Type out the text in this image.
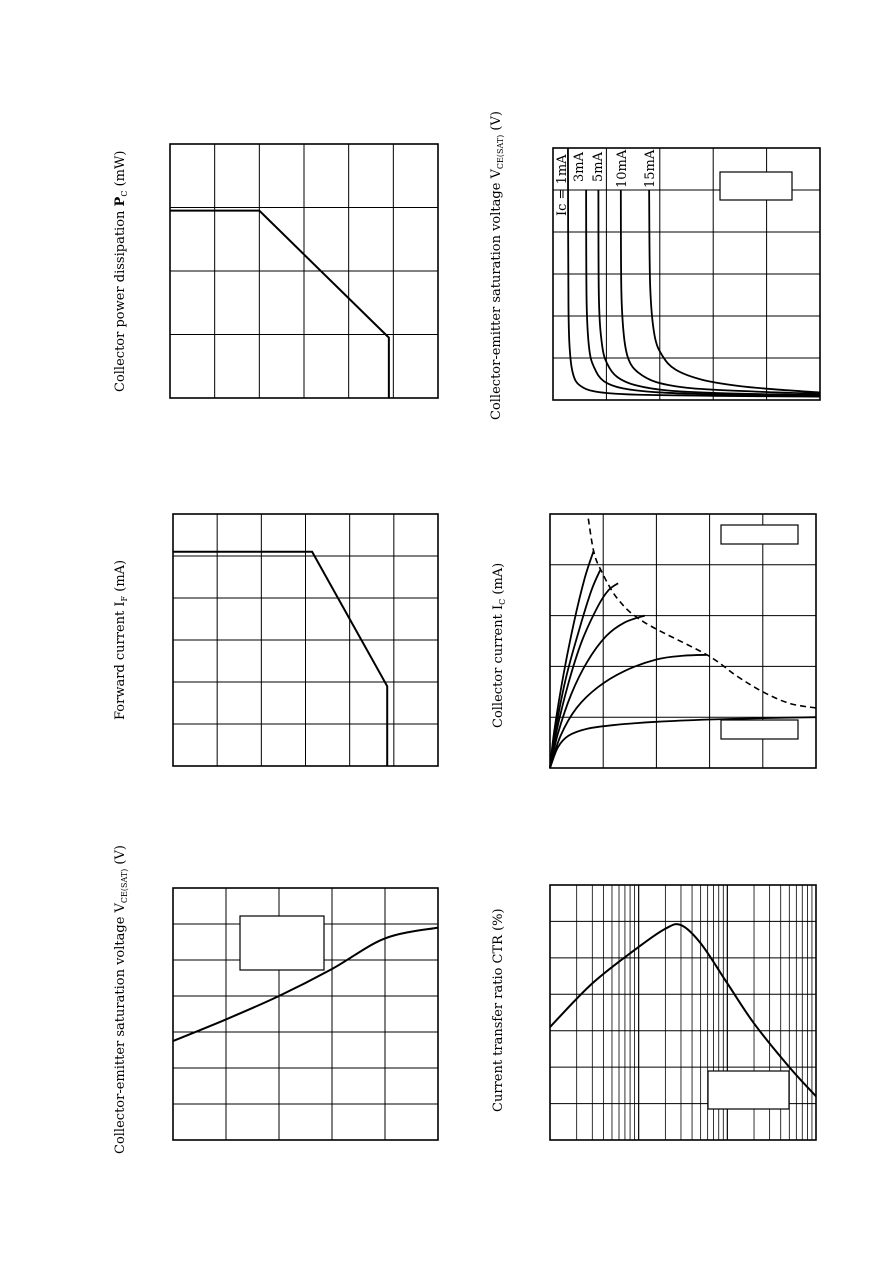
Collector power dissipation $P_C$ (mW)
Forward current $I_F$ (mA)
Collector-emitter saturation voltage $V_{CE(SAT)}$ (V)
Ic = 1mA 3mA 5mA 10mA 15mA
Collector-emitter saturation voltage $V_{CE(SAT)}$ (V)
Collector current $I_C$ (mA)
Current transfer ratio CTR (%)
